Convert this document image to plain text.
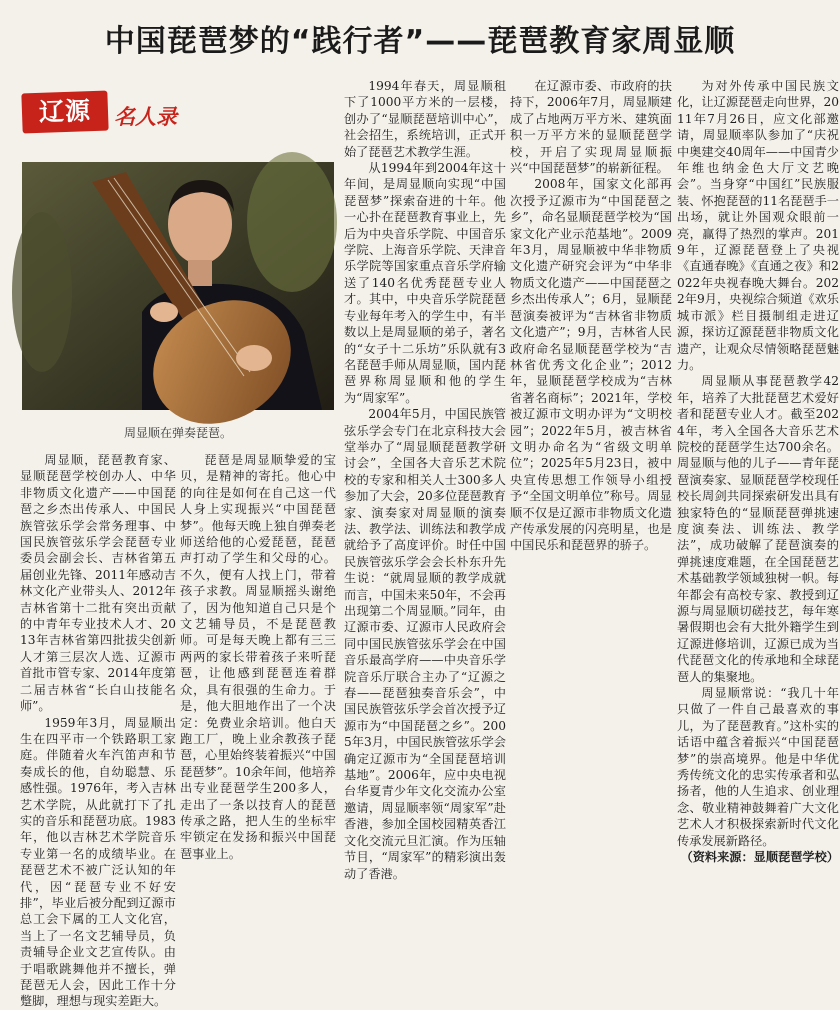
中国琵琶梦的“践行者”——琵琶教育家周显顺
辽源	名人录
周显顺在弹奏琵琶。

周显顺，琵琶教育家、显顺琵琶学校创办人、中华非物质文化遗产——中国琵琶之乡杰出传承人、中国民族管弦乐学会常务理事、中国民族管弦乐学会琵琶专业委员会副会长、吉林省第五届创业先锋、2011年感动吉林文化产业带头人、2012年吉林省第十二批有突出贡献的中青年专业技术人才、2013年吉林省第四批拔尖创新人才第三层次人选、辽源市首批市管专家、2014年度第二届吉林省“长白山技能名师”。

1959年3月，周显顺出生在四平市一个铁路职工家庭。伴随着火车汽笛声和节奏成长的他，自幼聪慧、乐感性强。1976年，考入吉林艺术学院，从此就打下了扎实的音乐和琵琶功底。1983年，他以吉林艺术学院音乐专业第一名的成绩毕业。在琵琶艺术不被广泛认知的年代，因“琵琶专业不好安排”，毕业后被分配到辽源市总工会下属的工人文化宫，当上了一名文艺辅导员，负责辅导企业文艺宣传队。由于唱歌跳舞他并不擅长，弹琵琶无人会，因此工作十分蹩脚，理想与现实差距大。

琵琶是周显顺挚爱的宝贝，是精神的寄托。他心中的向往是如何在自己这一代人身上实现振兴“中国琵琶梦”。他每天晚上独自弹奏老师送给他的心爱琵琶，琵琶声打动了学生和父母的心。不久，便有人找上门，带着孩子求教。周显顺摇头谢绝了，因为他知道自己只是个文艺辅导员，不是琵琶教师。可是每天晚上都有三三两两的家长带着孩子来听琵琶，让他感到琵琶连着群众，具有很强的生命力。于是，他大胆地作出了一个决定：免费业余培训。他白天跑工厂，晚上业余教孩子琵琶，心里始终装着振兴“中国琵琶梦”。10余年间，他培养出专业琵琶学生200多人，走出了一条以技育人的琵琶传承之路，把人生的坐标牢牢锁定在发扬和振兴中国琵琶事业上。

1994年春天，周显顺租下了1000平方米的一层楼，创办了“显顺琵琶培训中心”，社会招生，系统培训，正式开始了琵琶艺术教学生涯。

从1994年到2004年这十年间，是周显顺向实现“中国琵琶梦”探索奋进的十年。他一心扑在琵琶教育事业上，先后为中央音乐学院、中国音乐学院、上海音乐学院、天津音乐学院等国家重点音乐学府输送了140名优秀琵琶专业人才。其中，中央音乐学院琵琶专业每年考入的学生中，有半数以上是周显顺的弟子，著名的“女子十二乐坊”乐队就有3名琵琶手师从周显顺，国内琵琶界称周显顺和他的学生为“周家军”。

2004年5月，中国民族管弦乐学会专门在北京科技大会堂举办了“周显顺琵琶教学研讨会”，全国各大音乐艺术院校的专家和相关人士300多人参加了大会，20多位琵琶教育家、演奏家对周显顺的演奏法、教学法、训练法和教学成就给予了高度评价。时任中国民族管弦乐学会会长朴东升先生说：“就周显顺的教学成就而言，中国未来50年，不会再出现第二个周显顺。”同年，由辽源市委、辽源市人民政府会同中国民族管弦乐学会在中国音乐最高学府——中央音乐学院音乐厅联合主办了“辽源之春——琵琶独奏音乐会”，中国民族管弦乐学会首次授予辽源市为“中国琵琶之乡”。2005年3月，中国民族管弦乐学会确定辽源市为“全国琵琶培训基地”。2006年，应中央电视台华夏青少年文化交流办公室邀请，周显顺率领“周家军”赴香港，参加全国校园精英香江文化交流元旦汇演。作为压轴节目，“周家军”的精彩演出轰动了香港。

在辽源市委、市政府的扶持下，2006年7月，周显顺建成了占地两万平方米、建筑面积一万平方米的显顺琵琶学校，开启了实现周显顺振兴“中国琵琶梦”的崭新征程。

2008年，国家文化部再次授予辽源市为“中国琵琶之乡”，命名显顺琵琶学校为“国家文化产业示范基地”。2009年3月，周显顺被中华非物质文化遗产研究会评为“中华非物质文化遗产——中国琵琶之乡杰出传承人”；6月，显顺琵琶演奏被评为“吉林省非物质文化遗产”；9月，吉林省人民政府命名显顺琵琶学校为“吉林省优秀文化企业”；2012年，显顺琵琶学校成为“吉林省著名商标”；2021年，学校被辽源市文明办评为“文明校园”；2022年5月，被吉林省文明办命名为“省级文明单位”；2025年5月23日，被中央宣传思想工作领导小组授予“全国文明单位”称号。周显顺不仅是辽源市非物质文化遗产传承发展的闪亮明星，也是中国民乐和琵琶界的骄子。

为对外传承中国民族文化，让辽源琵琶走向世界，2011年7月26日，应文化部邀请，周显顺率队参加了“庆祝中奥建交40周年——中国青少年维也纳金色大厅文艺晚会”。当身穿“中国红”民族服装、怀抱琵琶的11名琵琶手一出场，就让外国观众眼前一亮，赢得了热烈的掌声。2019年，辽源琵琶登上了央视《直通春晚》《直通之夜》和2022年央视春晚大舞台。2022年9月，央视综合频道《欢乐城市派》栏目摄制组走进辽源，探访辽源琵琶非物质文化遗产，让观众尽情领略琵琶魅力。

周显顺从事琵琶教学42年，培养了大批琵琶艺术爱好者和琵琶专业人才。截至2024年，考入全国各大音乐艺术院校的琵琶学生达700余名。周显顺与他的儿子——青年琵琶演奏家、显顺琵琶学校现任校长周剑共同探索研发出具有独家特色的“显顺琵琶弹挑速度演奏法、训练法、教学法”，成功破解了琵琶演奏的弹挑速度难题，在全国琵琶艺术基础教学领域独树一帜。每年都会有高校专家、教授到辽源与周显顺切磋技艺，每年寒暑假期也会有大批外籍学生到辽源进修培训，辽源已成为当代琵琶文化的传承地和全球琵琶人的集聚地。

周显顺常说：“我几十年只做了一件自己最喜欢的事儿，为了琵琶教育。”这朴实的话语中蕴含着振兴“中国琵琶梦”的崇高境界。他是中华优秀传统文化的忠实传承者和弘扬者，他的人生追求、创业理念、敬业精神鼓舞着广大文化艺术人才积极探索新时代文化传承发展新路径。

（资料来源：显顺琵琶学校）
